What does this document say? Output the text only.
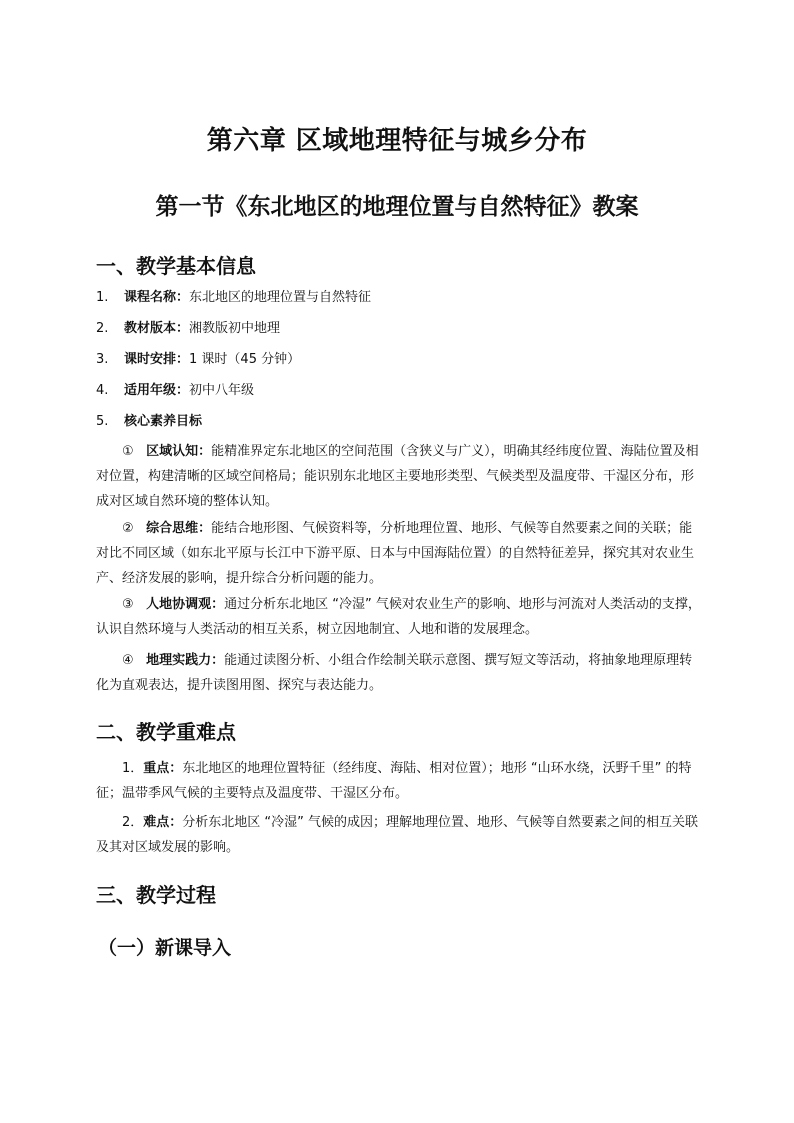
第六章 区域地理特征与城乡分布
第一节《东北地区的地理位置与自然特征》教案
一、教学基本信息
1. 课程名称：东北地区的地理位置与自然特征
2. 教材版本：湘教版初中地理
3. 课时安排：1 课时（45 分钟）
4. 适用年级：初中八年级
5. 核心素养目标

① 区域认知：能精准界定东北地区的空间范围（含狭义与广义），明确其经纬度位置、海陆位置及相对位置，构建清晰的区域空间格局；能识别东北地区主要地形类型、气候类型及温度带、干湿区分布，形成对区域自然环境的整体认知。

② 综合思维：能结合地形图、气候资料等，分析地理位置、地形、气候等自然要素之间的关联；能对比不同区域（如东北平原与长江中下游平原、日本与中国海陆位置）的自然特征差异，探究其对农业生产、经济发展的影响，提升综合分析问题的能力。

③ 人地协调观：通过分析东北地区 “冷湿” 气候对农业生产的影响、地形与河流对人类活动的支撑，认识自然环境与人类活动的相互关系，树立因地制宜、人地和谐的发展理念。

④ 地理实践力：能通过读图分析、小组合作绘制关联示意图、撰写短文等活动，将抽象地理原理转化为直观表达，提升读图用图、探究与表达能力。

二、教学重难点

1．重点：东北地区的地理位置特征（经纬度、海陆、相对位置）；地形 “山环水绕，沃野千里” 的特征；温带季风气候的主要特点及温度带、干湿区分布。

2．难点：分析东北地区 “冷湿” 气候的成因；理解地理位置、地形、气候等自然要素之间的相互关联及其对区域发展的影响。

三、教学过程
（一）新课导入
